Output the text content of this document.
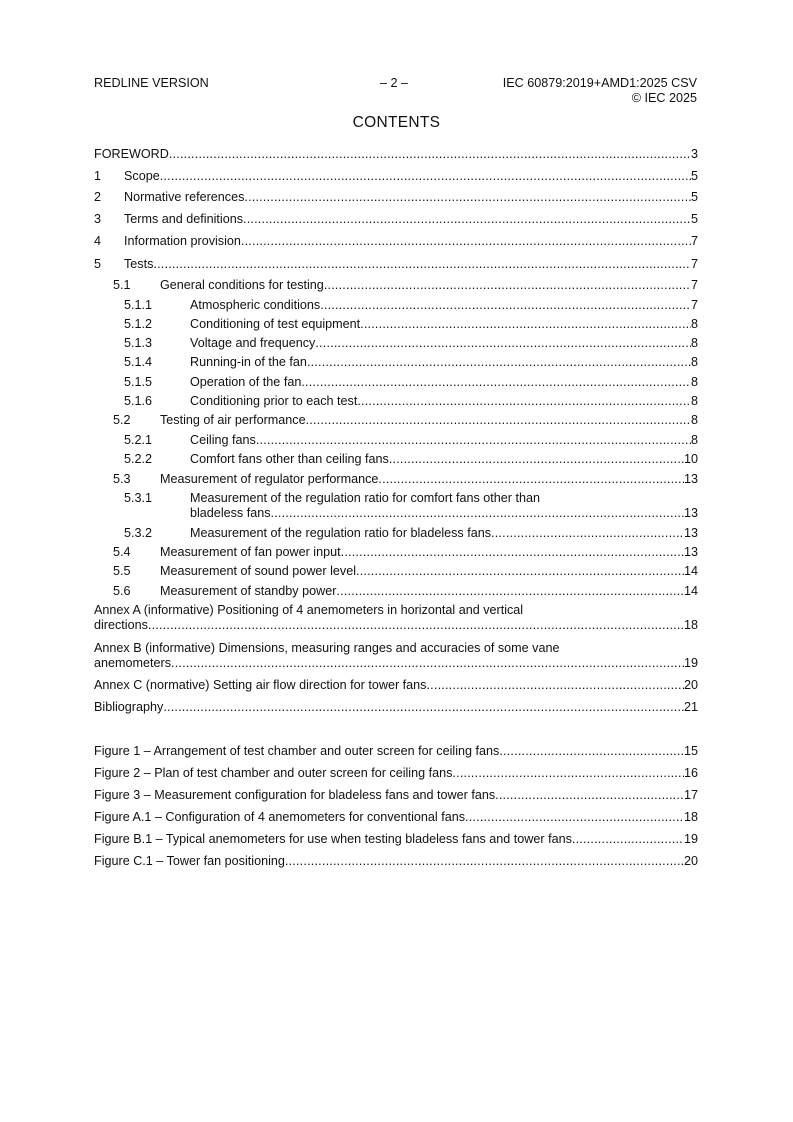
REDLINE VERSION	– 2 –	IEC 60879:2019+AMD1:2025 CSV
© IEC 2025
CONTENTS
FOREWORD .....	3
1	Scope .....	5
2	Normative references .....	5
3	Terms and definitions .....	5
4	Information provision .....	7
5	Tests .....	7
5.1	General conditions for testing .....	7
5.1.1	Atmospheric conditions .....	7
5.1.2	Conditioning of test equipment .....	8
5.1.3	Voltage and frequency .....	8
5.1.4	Running-in of the fan .....	8
5.1.5	Operation of the fan .....	8
5.1.6	Conditioning prior to each test .....	8
5.2	Testing of air performance .....	8
5.2.1	Ceiling fans .....	8
5.2.2	Comfort fans other than ceiling fans .....	10
5.3	Measurement of regulator performance .....	13
5.3.1	Measurement of the regulation ratio for comfort fans other than
bladeless fans .....	13
5.3.2	Measurement of the regulation ratio for bladeless fans .....	13
5.4	Measurement of fan power input .....	13
5.5	Measurement of sound power level .....	14
5.6	Measurement of standby power .....	14
Annex A (informative) Positioning of 4 anemometers in horizontal and vertical
directions .....	18
Annex B (informative) Dimensions, measuring ranges and accuracies of some vane
anemometers .....	19
Annex C (normative) Setting air flow direction for tower fans .....	20
Bibliography .....	21
Figure 1 – Arrangement of test chamber and outer screen for ceiling fans .....	15
Figure 2 – Plan of test chamber and outer screen for ceiling fans .....	16
Figure 3 – Measurement configuration for bladeless fans and tower fans .....	17
Figure A.1 – Configuration of 4 anemometers for conventional fans .....	18
Figure B.1 – Typical anemometers for use when testing bladeless fans and tower fans .....	19
Figure C.1 – Tower fan positioning .....	20
